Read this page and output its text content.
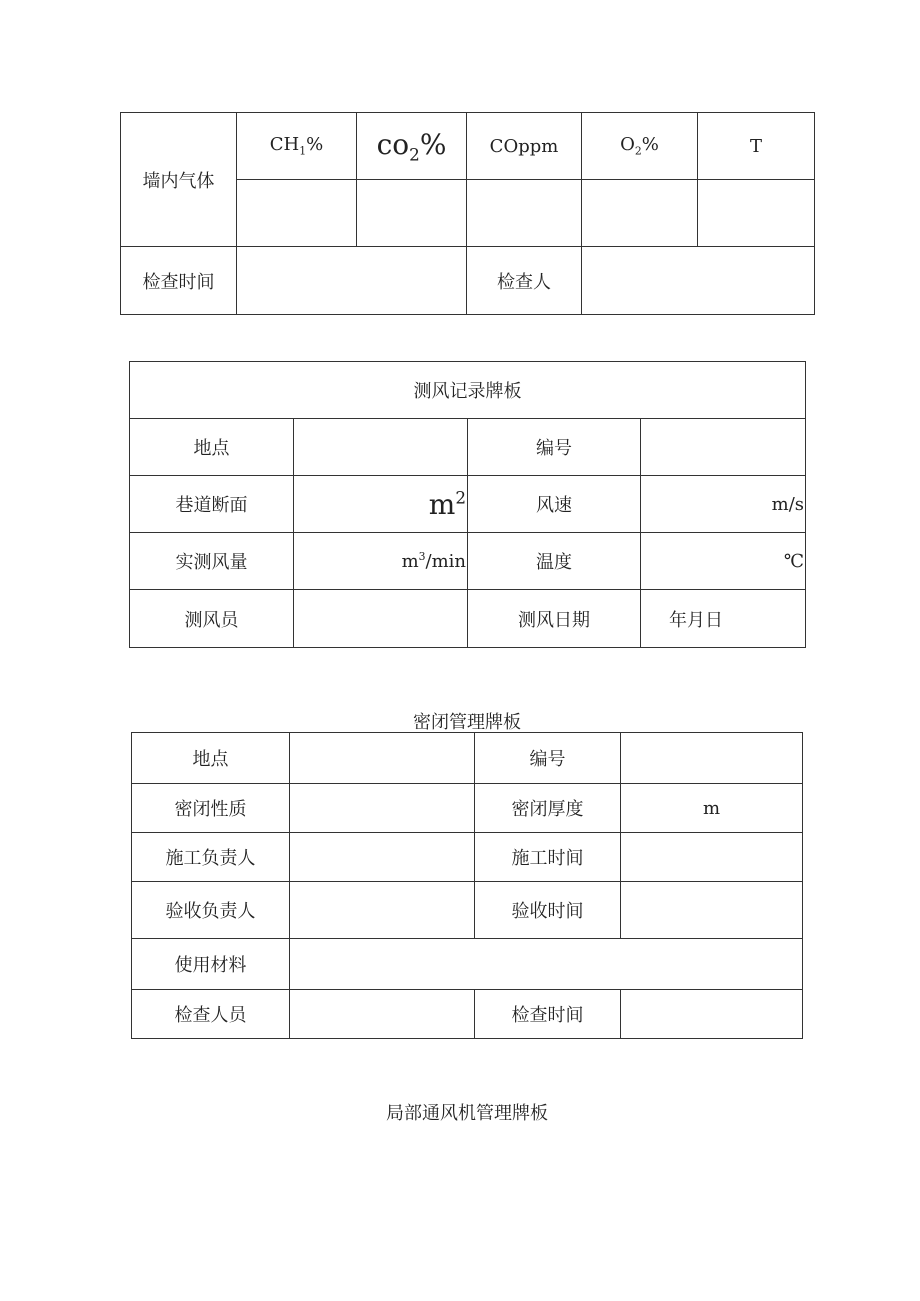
墙内气体	$CH_1\%$	$co_2\%$	COppm	$O_2\%$	T

检查时间			检查人		
测风记录牌板			
地点		编号	
巷道断面	$m^2$	风速	m/s
实测风量	$m^3/\min$	温度	℃
测风员		测风日期	年月日
密闭管理牌板
地点		编号	
密闭性质		密闭厚度	m
施工负责人		施工时间	
验收负责人		验收时间	
使用材料			
检查人员		检查时间	
局部通风机管理牌板
